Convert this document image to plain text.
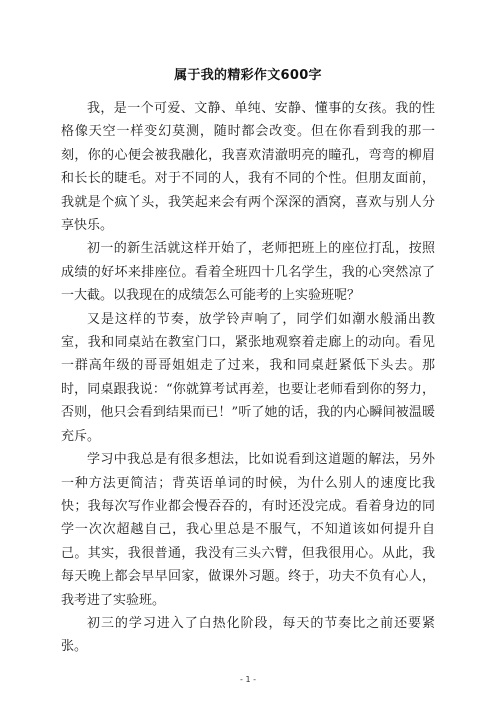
属于我的精彩作文600字

我，是一个可爱、文静、单纯、安静、懂事的女孩。我的性格像天空一样变幻莫测，随时都会改变。但在你看到我的那一刻，你的心便会被我融化，我喜欢清澈明亮的瞳孔，弯弯的柳眉和长长的睫毛。对于不同的人，我有不同的个性。但朋友面前，我就是个疯丫头，我笑起来会有两个深深的酒窝，喜欢与别人分享快乐。

初一的新生活就这样开始了，老师把班上的座位打乱，按照成绩的好坏来排座位。看着全班四十几名学生，我的心突然凉了一大截。以我现在的成绩怎么可能考的上实验班呢？

又是这样的节奏，放学铃声响了，同学们如潮水般涌出教室，我和同桌站在教室门口，紧张地观察着走廊上的动向。看见一群高年级的哥哥姐姐走了过来，我和同桌赶紧低下头去。那时，同桌跟我说：“你就算考试再差，也要让老师看到你的努力，否则，他只会看到结果而已！”听了她的话，我的内心瞬间被温暖充斥。

学习中我总是有很多想法，比如说看到这道题的解法，另外一种方法更简洁；背英语单词的时候，为什么别人的速度比我快；我每次写作业都会慢吞吞的，有时还没完成。看着身边的同学一次次超越自己，我心里总是不服气，不知道该如何提升自己。其实，我很普通，我没有三头六臂，但我很用心。从此，我每天晚上都会早早回家，做课外习题。终于，功夫不负有心人，我考进了实验班。

初三的学习进入了白热化阶段，每天的节奏比之前还要紧张。

- 1 -
